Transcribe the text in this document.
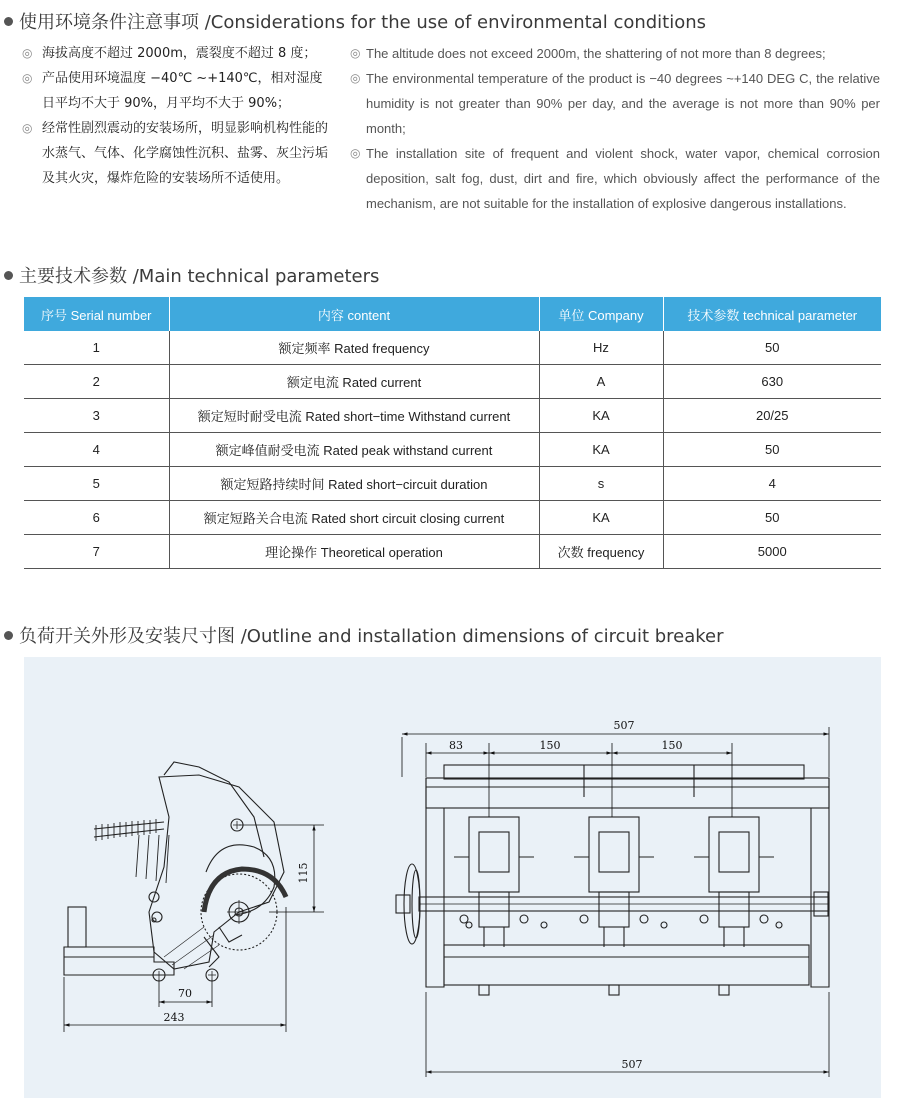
使用环境条件注意事项 /Considerations for the use of environmental conditions
◎ 海拔高度不超过 2000m，震裂度不超过 8 度；
◎ 产品使用环境温度 −40℃ ~+140℃，相对湿度日平均不大于 90%，月平均不大于 90%；
◎ 经常性剧烈震动的安装场所，明显影响机构性能的水蒸气、气体、化学腐蚀性沉积、盐雾、灰尘污垢及其火灾，爆炸危险的安装场所不适使用。
◎ The altitude does not exceed 2000m, the shattering of not more than 8 degrees;
◎ The environmental temperature of the product is −40 degrees ~+140 DEG C, the relative humidity is not greater than 90% per day, and the average is not more than 90% per month;
◎ The installation site of frequent and violent shock, water vapor, chemical corrosion deposition, salt fog, dust, dirt and fire, which obviously affect the performance of the mechanism, are not suitable for the installation of explosive dangerous installations.
主要技术参数 /Main technical parameters
序号 Serial number	内容 content	单位 Company	技术参数 technical parameter
1	额定频率 Rated frequency	Hz	50
2	额定电流 Rated current	A	630
3	额定短时耐受电流 Rated short−time Withstand current	KA	20/25
4	额定峰值耐受电流 Rated peak withstand current	KA	50
5	额定短路持续时间 Rated short−circuit duration	s	4
6	额定短路关合电流 Rated short circuit closing current	KA	50
7	理论操作 Theoretical operation	次数 frequency	5000
负荷开关外形及安装尺寸图 /Outline and installation dimensions of circuit breaker
115
70
243
507
83	150	150
507
